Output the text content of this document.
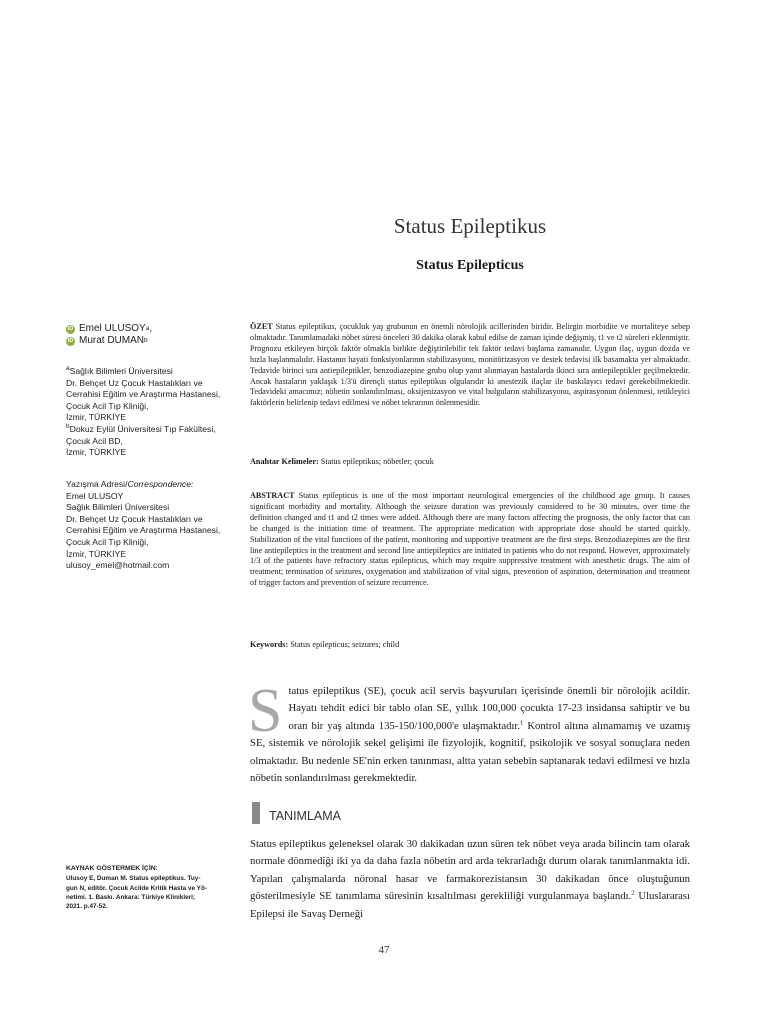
Status Epileptikus
Status Epilepticus
iD Emel ULUSOY a ,
iD Murat DUMAN b
$^a$Sağlık Bilimleri Üniversitesi
Dr. Behçet Uz Çocuk Hastalıkları ve
Cerrahisi Eğitim ve Araştırma Hastanesi,
Çocuk Acil Tıp Kliniği,
İzmir, TÜRKİYE
$^b$Dokuz Eylül Üniversitesi Tıp Fakültesi,
Çocuk Acil BD,
İzmir, TÜRKİYE
Yazışma Adresi/Correspondence:
Emel ULUSOY
Sağlık Bilimleri Üniversitesi
Dr. Behçet Uz Çocuk Hastalıkları ve
Cerrahisi Eğitim ve Araştırma Hastanesi,
Çocuk Acil Tıp Kliniği,
İzmir, TÜRKİYE
ulusoy_emel@hotmail.com
KAYNAK GÖSTERMEK İÇİN:
Ulusoy E, Duman M. Status epileptikus. Tuy-
gun N, editör. Çocuk Acilde Kritik Hasta ve Yö-
netimi. 1. Baskı. Ankara: Türkiye Klinikleri;
2021. p.47-52.
ÖZET Status epileptikus, çocukluk yaş grubunun en önemli nörolojik acillerinden biridir. Belirgin morbidite ve mortaliteye sebep olmaktadır. Tanımlamadaki nöbet süresi önceleri 30 dakika olarak kabul edilse de zaman içinde değişmiş, t1 ve t2 süreleri eklenmiştir. Prognozu etkileyen birçok faktör olmakla birlikte değiştirilebilir tek faktör tedavi başlama zamanıdır. Uygun ilaç, uygun dozda ve hızla başlanmalıdır. Hastanın hayati fonksiyonlarının stabilizasyonu, monitörizasyon ve destek tedavisi ilk basamakta yer almaktadır. Tedavide birinci sıra antiepileptikler, benzodiazepine grubu olup yanıt alınmayan hastalarda ikinci sıra antiepileptikler geçilmektedir. Ancak hastaların yaklaşık 1/3'ü dirençli status epileptikus olgularıdır ki anestezik ilaçlar ile baskılayıcı tedavi gerekebilmektedir. Tedavideki amacımız; nöbetin sonlandırılması, oksijenizasyon ve vital bulguların stabilizasyonu, aspirasyonun önlenmesi, tetikleyici faktörlerin belirlenip tedavi edilmesi ve nöbet tekrarının önlenmesidir.
Anahtar Kelimeler: Status epileptikus; nöbetler; çocuk
ABSTRACT Status epilepticus is one of the most important neurological emergencies of the childhood age group. It causes significant morbidity and mortality. Although the seizure duration was previously considered to be 30 minutes, over time the definition changed and t1 and t2 times were added. Although there are many factors affecting the prognosis, the only factor that can be changed is the initiation time of treatment. The appropriate medication with appropriate dose should be started quickly. Stabilization of the vital functions of the patient, monitoring and supportive treatment are the first steps. Benzodiazepines are the first line antiepileptics in the treatment and second line antiepileptics are initiated in patients who do not respond. However, approximately 1/3 of the patients have refractory status epilepticus, which may require suppressive treatment with anesthetic drugs. The aim of treatment; termination of seizures, oxygenation and stabilization of vital signs, prevention of aspiration, determination and treatment of trigger factors and prevention of seizure recurrence.
Keywords: Status epilepticus; seizures; child
Status epileptikus (SE), çocuk acil servis başvuruları içerisinde önemli bir nörolojik acildir. Hayatı tehdit edici bir tablo olan SE, yıllık 100,000 çocukta 17-23 insidansa sahiptir ve bu oran bir yaş altında 135-150/100,000'e ulaşmaktadır.$^1$ Kontrol altına alınamamış ve uzamış SE, sistemik ve nörolojik sekel gelişimi ile fizyolojik, kognitif, psikolojik ve sosyal sonuçlara neden olmaktadır. Bu nedenle SE'nin erken tanınması, altta yatan sebebin saptanarak tedavi edilmesi ve hızla nöbetin sonlandırılması gerekmektedir.
TANIMLAMA
Status epileptikus geleneksel olarak 30 dakikadan uzun süren tek nöbet veya arada bilincin tam olarak normale dönmediği iki ya da daha fazla nöbetin ard arda tekrarladığı durum olarak tanımlanmakta idi. Yapılan çalışmalarda nöronal hasar ve farmakorezistansın 30 dakikadan önce oluştuğunun gösterilmesiyle SE tanımlama süresinin kısaltılması gerekliliği vurgulanmaya başlandı.$^2$ Uluslararası Epilepsi ile Savaş Derneği
47
